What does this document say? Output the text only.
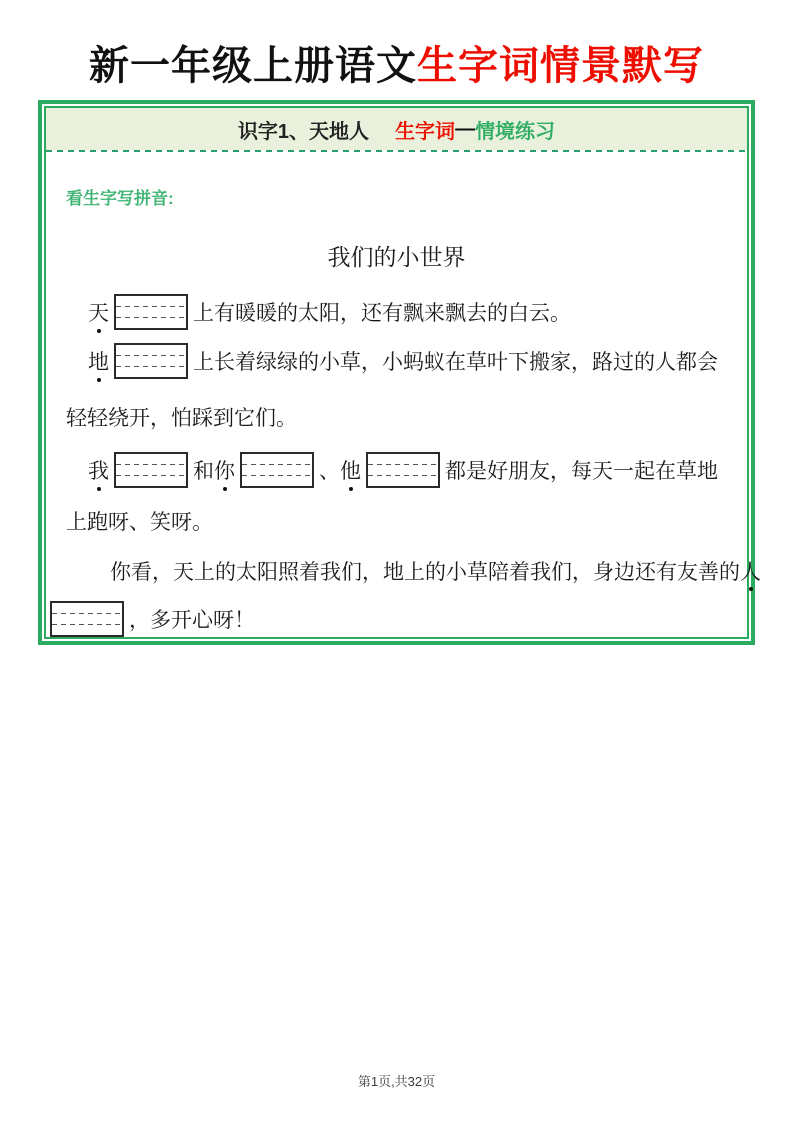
新一年级上册语文生字词情景默写
识字1、天地人 生字词 — 情境练习
看生字写拼音:
我们的小世界
天	上有暖暖的太阳，还有飘来飘去的白云。
地	上长着绿绿的小草，小蚂蚁在草叶下搬家，路过的人都会
轻轻绕开，怕踩到它们。
我	和 你	、 他	都是好朋友，每天一起在草地
上跑呀、笑呀。
你看，天上的太阳照着我们，地上的小草陪着我们，身边还有友善的人
，多开心呀！
第1页,共32页
